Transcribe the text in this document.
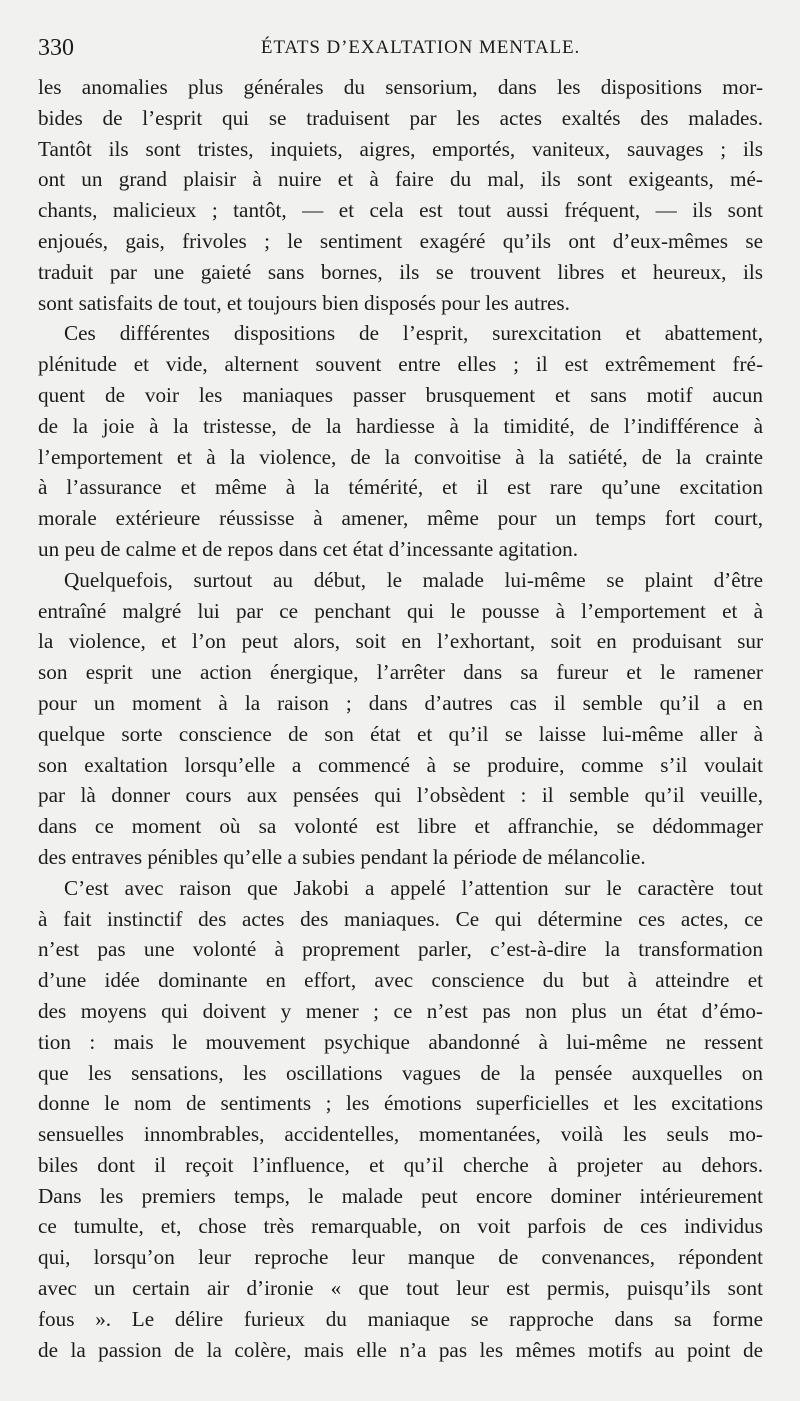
330	ÉTATS D’EXALTATION MENTALE.
les anomalies plus générales du sensorium, dans les dispositions mor-
bides de l’esprit qui se traduisent par les actes exaltés des malades.
Tantôt ils sont tristes, inquiets, aigres, emportés, vaniteux, sauvages ; ils
ont un grand plaisir à nuire et à faire du mal, ils sont exigeants, mé-
chants, malicieux ; tantôt, — et cela est tout aussi fréquent, — ils sont
enjoués, gais, frivoles ; le sentiment exagéré qu’ils ont d’eux-mêmes se
traduit par une gaieté sans bornes, ils se trouvent libres et heureux, ils
sont satisfaits de tout, et toujours bien disposés pour les autres.
Ces différentes dispositions de l’esprit, surexcitation et abattement,
plénitude et vide, alternent souvent entre elles ; il est extrêmement fré-
quent de voir les maniaques passer brusquement et sans motif aucun
de la joie à la tristesse, de la hardiesse à la timidité, de l’indifférence à
l’emportement et à la violence, de la convoitise à la satiété, de la crainte
à l’assurance et même à la témérité, et il est rare qu’une excitation
morale extérieure réussisse à amener, même pour un temps fort court,
un peu de calme et de repos dans cet état d’incessante agitation.
Quelquefois, surtout au début, le malade lui-même se plaint d’être
entraîné malgré lui par ce penchant qui le pousse à l’emportement et à
la violence, et l’on peut alors, soit en l’exhortant, soit en produisant sur
son esprit une action énergique, l’arrêter dans sa fureur et le ramener
pour un moment à la raison ; dans d’autres cas il semble qu’il a en
quelque sorte conscience de son état et qu’il se laisse lui-même aller à
son exaltation lorsqu’elle a commencé à se produire, comme s’il voulait
par là donner cours aux pensées qui l’obsèdent : il semble qu’il veuille,
dans ce moment où sa volonté est libre et affranchie, se dédommager
des entraves pénibles qu’elle a subies pendant la période de mélancolie.
C’est avec raison que Jakobi a appelé l’attention sur le caractère tout
à fait instinctif des actes des maniaques. Ce qui détermine ces actes, ce
n’est pas une volonté à proprement parler, c’est-à-dire la transformation
d’une idée dominante en effort, avec conscience du but à atteindre et
des moyens qui doivent y mener ; ce n’est pas non plus un état d’émo-
tion : mais le mouvement psychique abandonné à lui-même ne ressent
que les sensations, les oscillations vagues de la pensée auxquelles on
donne le nom de sentiments ; les émotions superficielles et les excitations
sensuelles innombrables, accidentelles, momentanées, voilà les seuls mo-
biles dont il reçoit l’influence, et qu’il cherche à projeter au dehors.
Dans les premiers temps, le malade peut encore dominer intérieurement
ce tumulte, et, chose très remarquable, on voit parfois de ces individus
qui, lorsqu’on leur reproche leur manque de convenances, répondent
avec un certain air d’ironie « que tout leur est permis, puisqu’ils sont
fous ». Le délire furieux du maniaque se rapproche dans sa forme
de la passion de la colère, mais elle n’a pas les mêmes motifs au point de
